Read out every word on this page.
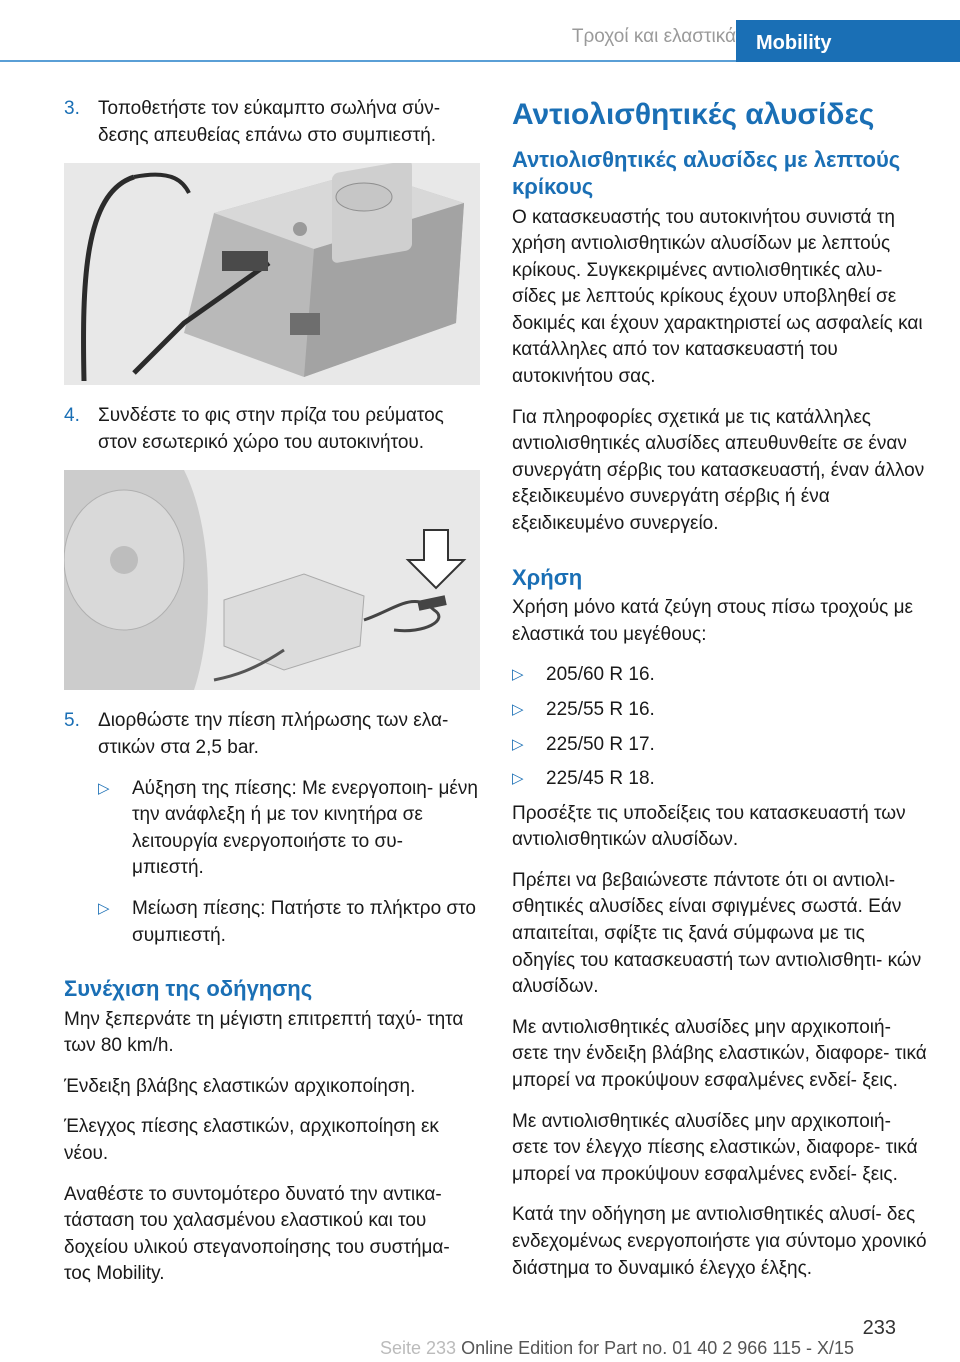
Τροχοί και ελαστικά	Mobility
3. Τοποθετήστε τον εύκαμπτο σωλήνα σύν‐ δεσης απευθείας επάνω στο συμπιεστή.
4. Συνδέστε το φις στην πρίζα του ρεύματος στον εσωτερικό χώρο του αυτοκινήτου.
5. Διορθώστε την πίεση πλήρωσης των ελα‐ στικών στα 2,5 bar.
▷ Αύξηση της πίεσης: Με ενεργοποιη‐ μένη την ανάφλεξη ή με τον κινητήρα σε λειτουργία ενεργοποιήστε το συ‐ μπιεστή.
▷ Μείωση πίεσης: Πατήστε το πλήκτρο στο συμπιεστή.
Συνέχιση της οδήγησης

Μην ξεπερνάτε τη μέγιστη επιτρεπτή ταχύ‐ τητα των 80 km/h.

Ένδειξη βλάβης ελαστικών αρχικοποίηση.

Έλεγχος πίεσης ελαστικών, αρχικοποίηση εκ νέου.

Αναθέστε το συντομότερο δυνατό την αντικα‐ τάσταση του χαλασμένου ελαστικού και του δοχείου υλικού στεγανοποίησης του συστήμα‐ τος Mobility.

Αντιολισθητικές αλυσίδες
Αντιολισθητικές αλυσίδες με λεπτούς κρίκους

Ο κατασκευαστής του αυτοκινήτου συνιστά τη χρήση αντιολισθητικών αλυσίδων με λεπτούς κρίκους. Συγκεκριμένες αντιολισθητικές αλυ‐ σίδες με λεπτούς κρίκους έχουν υποβληθεί σε δοκιμές και έχουν χαρακτηριστεί ως ασφαλείς και κατάλληλες από τον κατασκευαστή του αυτοκινήτου σας.

Για πληροφορίες σχετικά με τις κατάλληλες αντιολισθητικές αλυσίδες απευθυνθείτε σε έναν συνεργάτη σέρβις του κατασκευαστή, έναν άλλον εξειδικευμένο συνεργάτη σέρβις ή ένα εξειδικευμένο συνεργείο.

Χρήση

Χρήση μόνο κατά ζεύγη στους πίσω τροχούς με ελαστικά του μεγέθους:

▷ 205/60 R 16.
▷ 225/55 R 16.
▷ 225/50 R 17.
▷ 225/45 R 18.

Προσέξτε τις υποδείξεις του κατασκευαστή των αντιολισθητικών αλυσίδων.

Πρέπει να βεβαιώνεστε πάντοτε ότι οι αντιολι‐ σθητικές αλυσίδες είναι σφιγμένες σωστά. Εάν απαιτείται, σφίξτε τις ξανά σύμφωνα με τις οδηγίες του κατασκευαστή των αντιολισθητι‐ κών αλυσίδων.

Με αντιολισθητικές αλυσίδες μην αρχικοποιή‐ σετε την ένδειξη βλάβης ελαστικών, διαφορε‐ τικά μπορεί να προκύψουν εσφαλμένες ενδεί‐ ξεις.

Με αντιολισθητικές αλυσίδες μην αρχικοποιή‐ σετε τον έλεγχο πίεσης ελαστικών, διαφορε‐ τικά μπορεί να προκύψουν εσφαλμένες ενδεί‐ ξεις.

Κατά την οδήγηση με αντιολισθητικές αλυσί‐ δες ενδεχομένως ενεργοποιήστε για σύντομο χρονικό διάστημα το δυναμικό έλεγχο έλξης.

233
Seite 233 Online Edition for Part no. 01 40 2 966 115 - X/15
